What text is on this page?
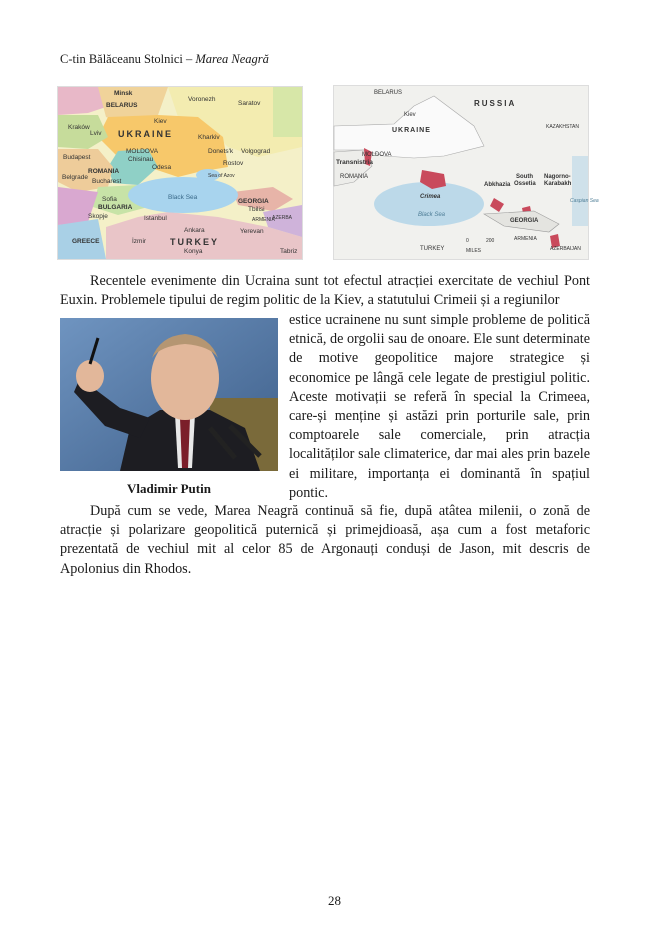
C-tin Bălăceanu Stolnici – Marea Neagră
Minsk
BELARUS
Voronezh
Saratov
UKRAINE
Kiev
Kharkiv
Kraków
Lviv
Donets'k Volgograd
Budapest
MOLDOVA
Chisinau
ROMANIA
Bucharest
Odesa
Rostov
Sea of Azov
Belgrade
Sofia
BULGARIA
Black Sea
GEORGIA
Tbilisi
Skopje	Istanbul
Ankara	Yerevan
TURKEY
GREECE	İzmir
Konya	Tabriz
ARMENIA
AZERBA
BELARUS
RUSSIA
Kiev
UKRAINE	KAZAKHSTAN
MOLDOVA
Transnistria
ROMANIA
Crimea
Abkhazia
South
Ossetia
Nagorno-
Karabakh
Black Sea
GEORGIA
Caspian Sea
ARMENIA
AZERBAIJAN
TURKEY
0	200
MILES
Recentele evenimente din Ucraina sunt tot efectul atracției exercitate de vechiul Pont Euxin. Problemele tipului de regim politic de la Kiev, a statutului Crimeii și a regiunilor
Vladimir Putin
estice ucrainene nu sunt simple probleme de politică etnică, de orgolii sau de onoare. Ele sunt determinate de motive geopolitice majore strategice și economice pe lângă cele legate de prestigiul politic. Aceste motivații se referă în special la Crimeea, care-și menține și astăzi prin porturile sale, prin comptoarele sale comerciale, prin atracția localităților sale climaterice, dar mai ales prin bazele ei militare, importanța ei dominantă în spațiul pontic.
După cum se vede, Marea Neagră continuă să fie, după atâtea milenii, o zonă de atracție și polarizare geopolitică puternică și primejdioasă, așa cum a fost metaforic prezentată de vechiul mit al celor 85 de Argonauți conduși de Jason, mit descris de Apolonius din Rhodos.
28
